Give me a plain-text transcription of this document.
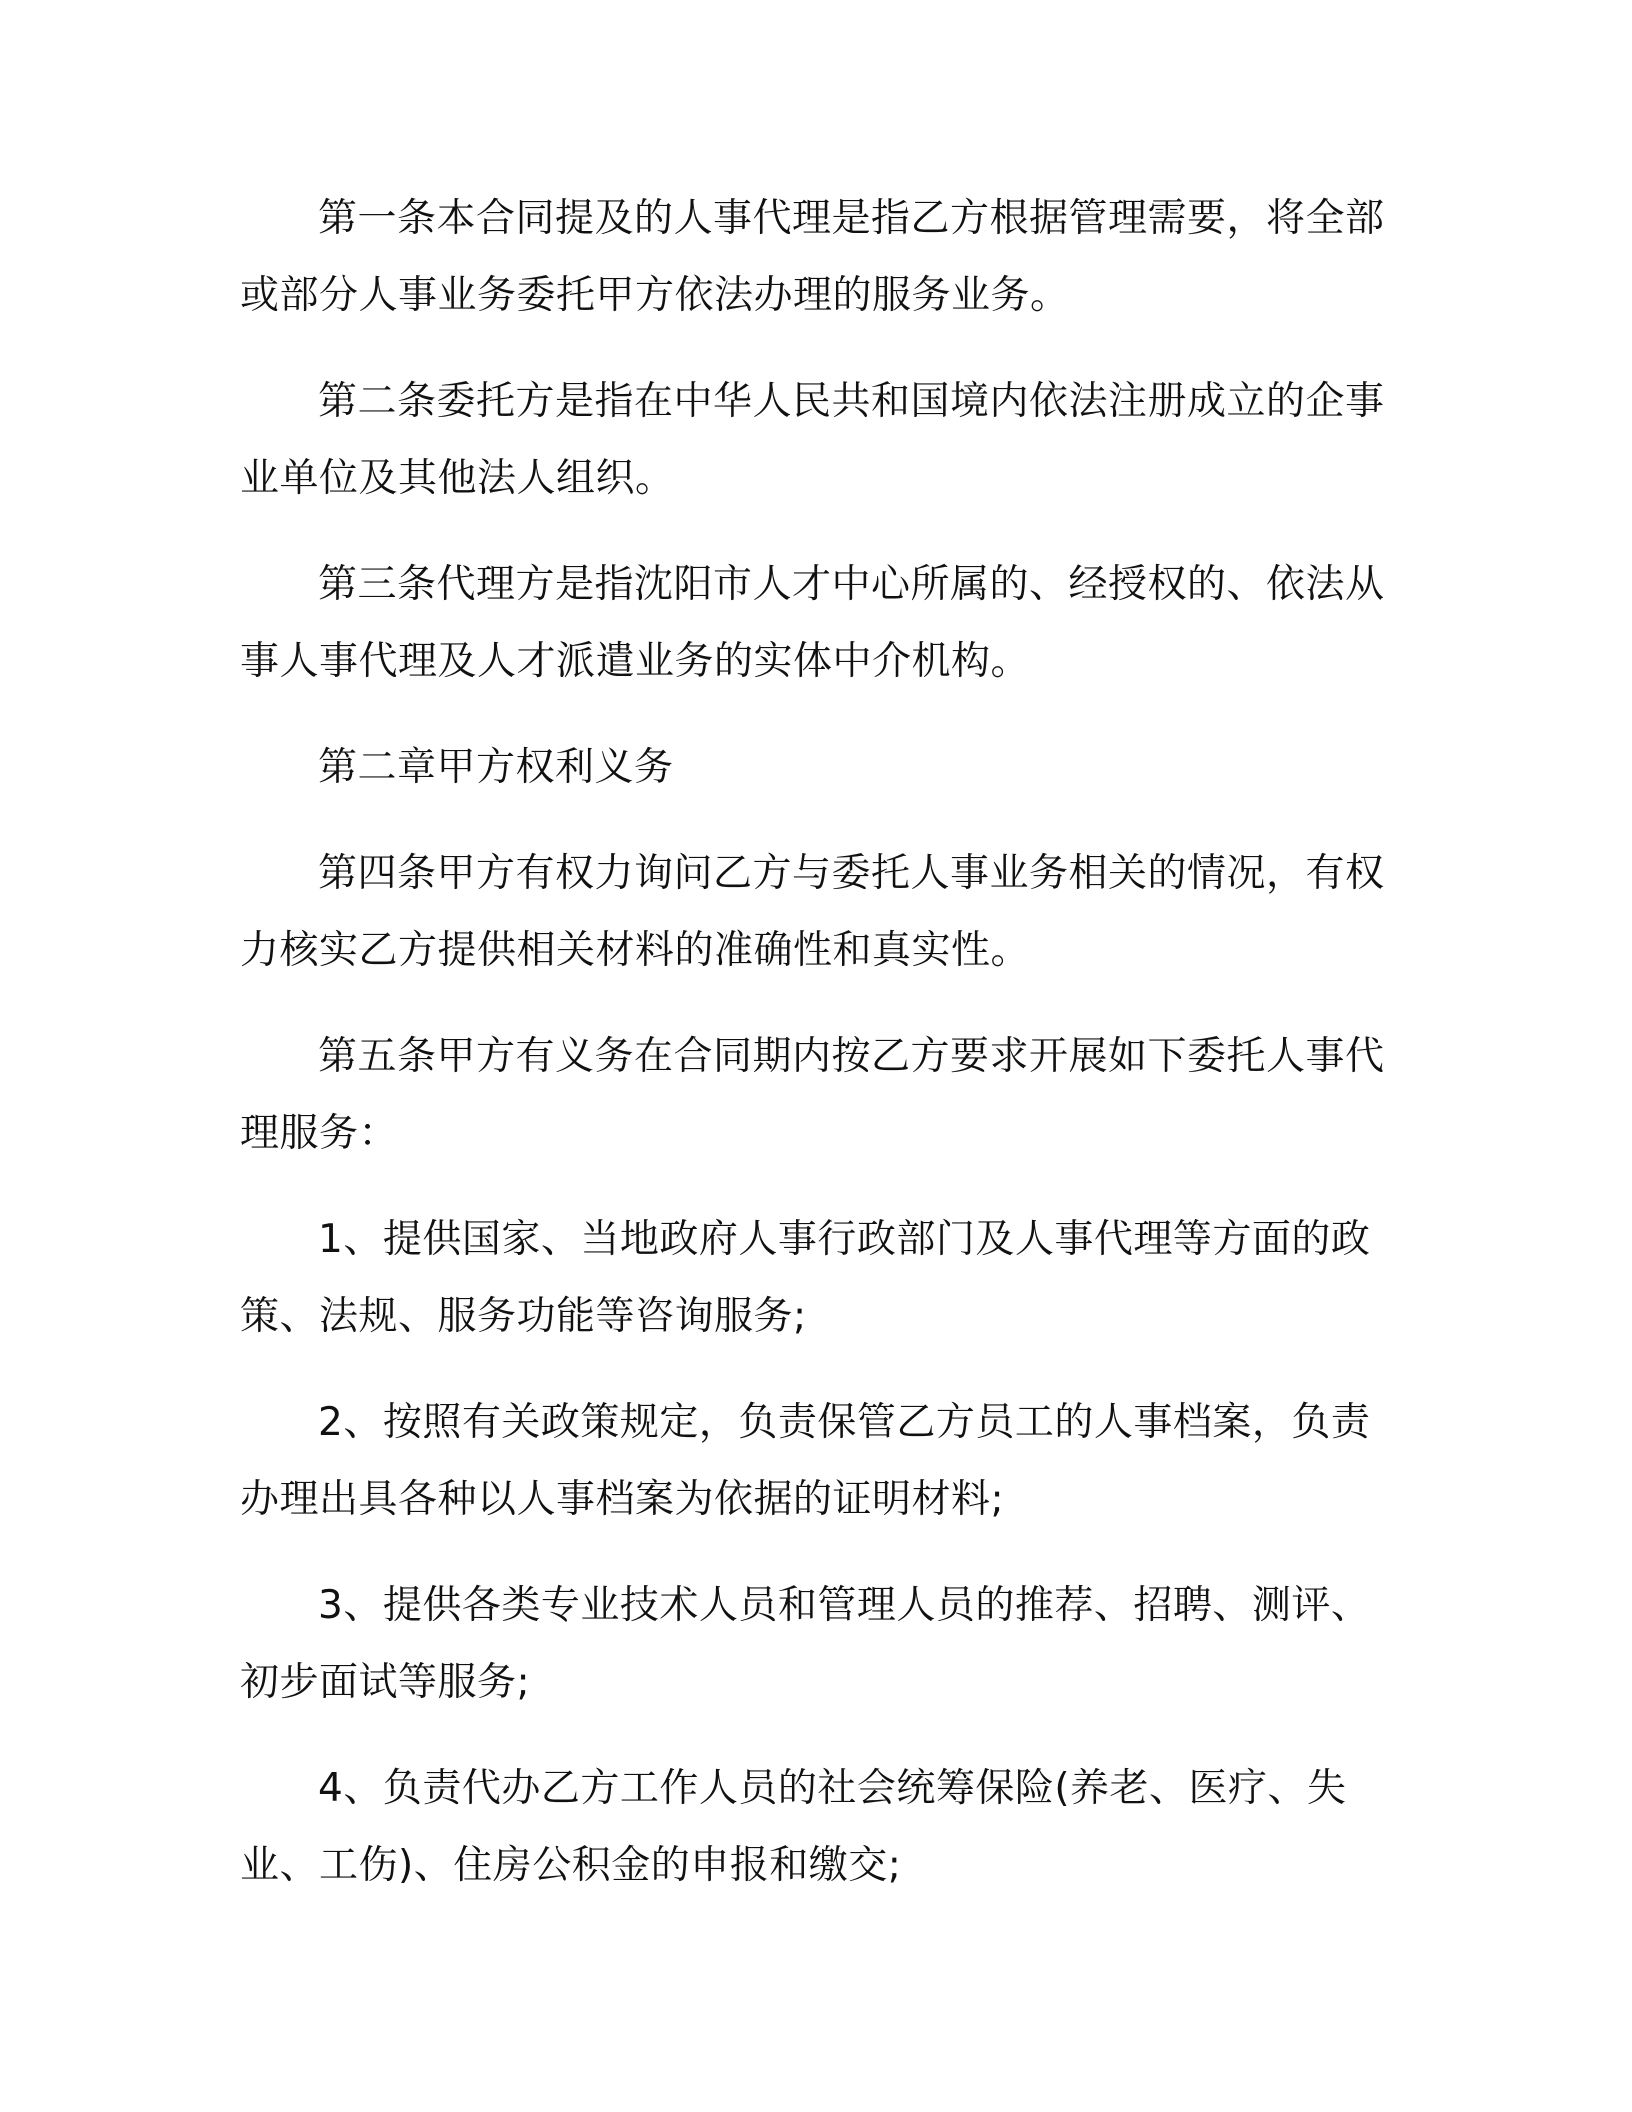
第一条本合同提及的人事代理是指乙方根据管理需要，将全部或部分人事业务委托甲方依法办理的服务业务。

第二条委托方是指在中华人民共和国境内依法注册成立的企事业单位及其他法人组织。

第三条代理方是指沈阳市人才中心所属的、经授权的、依法从事人事代理及人才派遣业务的实体中介机构。

第二章甲方权利义务

第四条甲方有权力询问乙方与委托人事业务相关的情况，有权力核实乙方提供相关材料的准确性和真实性。

第五条甲方有义务在合同期内按乙方要求开展如下委托人事代理服务：

1、提供国家、当地政府人事行政部门及人事代理等方面的政策、法规、服务功能等咨询服务;

2、按照有关政策规定，负责保管乙方员工的人事档案，负责办理出具各种以人事档案为依据的证明材料;

3、提供各类专业技术人员和管理人员的推荐、招聘、测评、初步面试等服务;

4、负责代办乙方工作人员的社会统筹保险(养老、医疗、失业、工伤)、住房公积金的申报和缴交;
